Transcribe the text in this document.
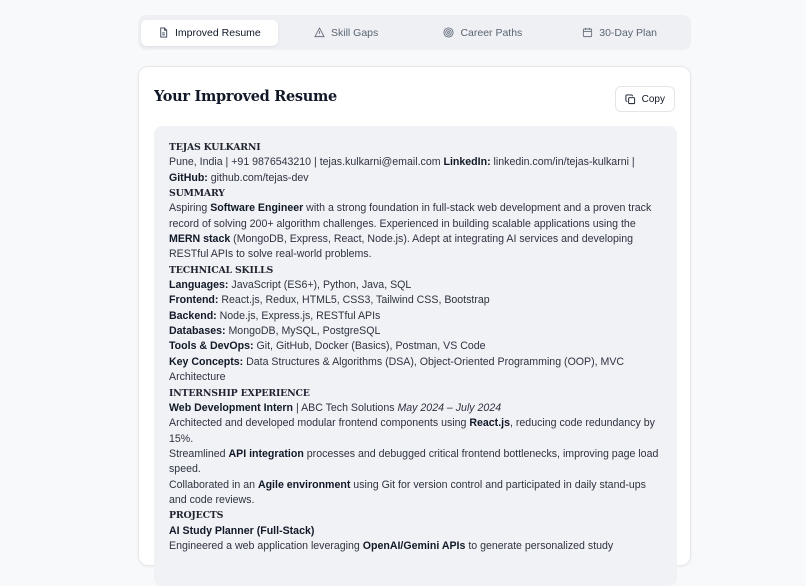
Improved Resume	Skill Gaps	Career Paths	30-Day Plan
Your Improved Resume	Copy

TEJAS KULKARNI

Pune, India | +91 9876543210 | tejas.kulkarni@email.com LinkedIn: linkedin.com/in/tejas-kulkarni | GitHub: github.com/tejas-dev

SUMMARY

Aspiring Software Engineer with a strong foundation in full-stack web development and a proven track record of solving 200+ algorithm challenges. Experienced in building scalable applications using the MERN stack (MongoDB, Express, React, Node.js). Adept at integrating AI services and developing RESTful APIs to solve real-world problems.

TECHNICAL SKILLS

Languages: JavaScript (ES6+), Python, Java, SQL

Frontend: React.js, Redux, HTML5, CSS3, Tailwind CSS, Bootstrap

Backend: Node.js, Express.js, RESTful APIs

Databases: MongoDB, MySQL, PostgreSQL

Tools & DevOps: Git, GitHub, Docker (Basics), Postman, VS Code

Key Concepts: Data Structures & Algorithms (DSA), Object-Oriented Programming (OOP), MVC Architecture

INTERNSHIP EXPERIENCE

Web Development Intern | ABC Tech Solutions May 2024 – July 2024

Architected and developed modular frontend components using React.js, reducing code redundancy by 15%.

Streamlined API integration processes and debugged critical frontend bottlenecks, improving page load speed.

Collaborated in an Agile environment using Git for version control and participated in daily stand-ups and code reviews.

PROJECTS

AI Study Planner (Full-Stack)

Engineered a web application leveraging OpenAI/Gemini APIs to generate personalized study
